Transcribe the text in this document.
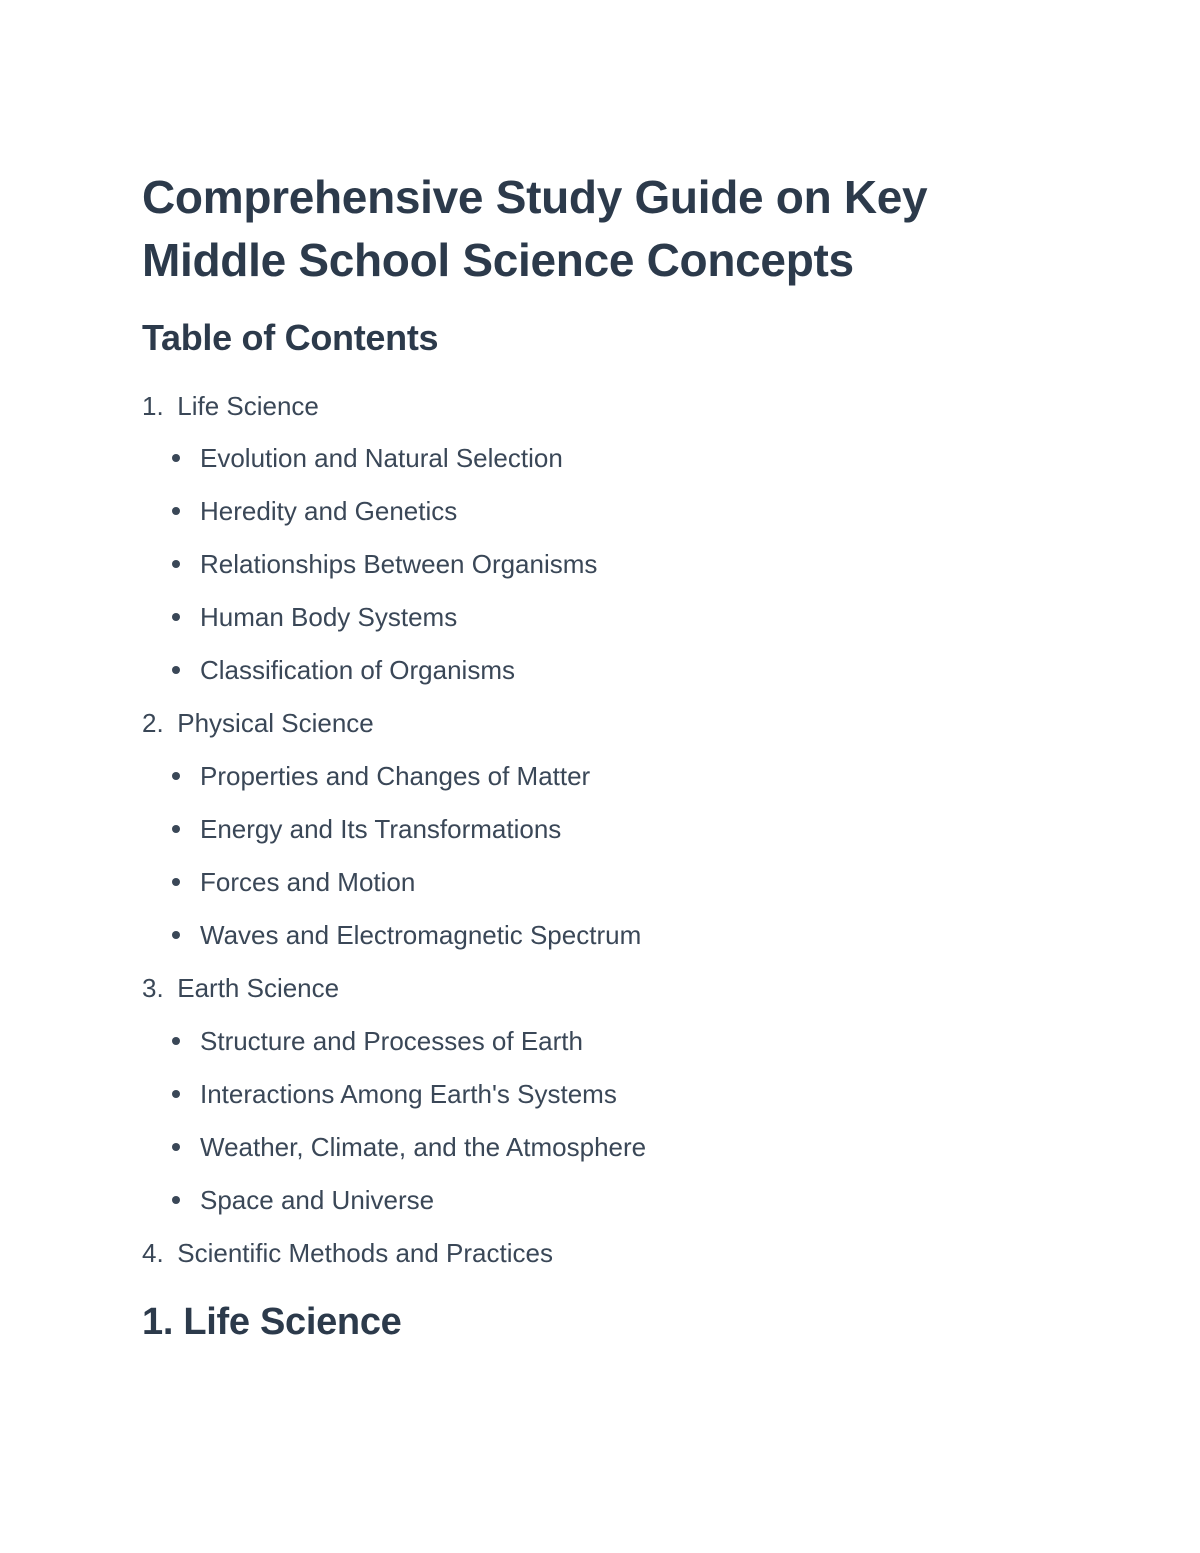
Comprehensive Study Guide on Key Middle School Science Concepts
Table of Contents
1. Life Science
Evolution and Natural Selection
Heredity and Genetics
Relationships Between Organisms
Human Body Systems
Classification of Organisms
2. Physical Science
Properties and Changes of Matter
Energy and Its Transformations
Forces and Motion
Waves and Electromagnetic Spectrum
3. Earth Science
Structure and Processes of Earth
Interactions Among Earth's Systems
Weather, Climate, and the Atmosphere
Space and Universe
4. Scientific Methods and Practices
1. Life Science
